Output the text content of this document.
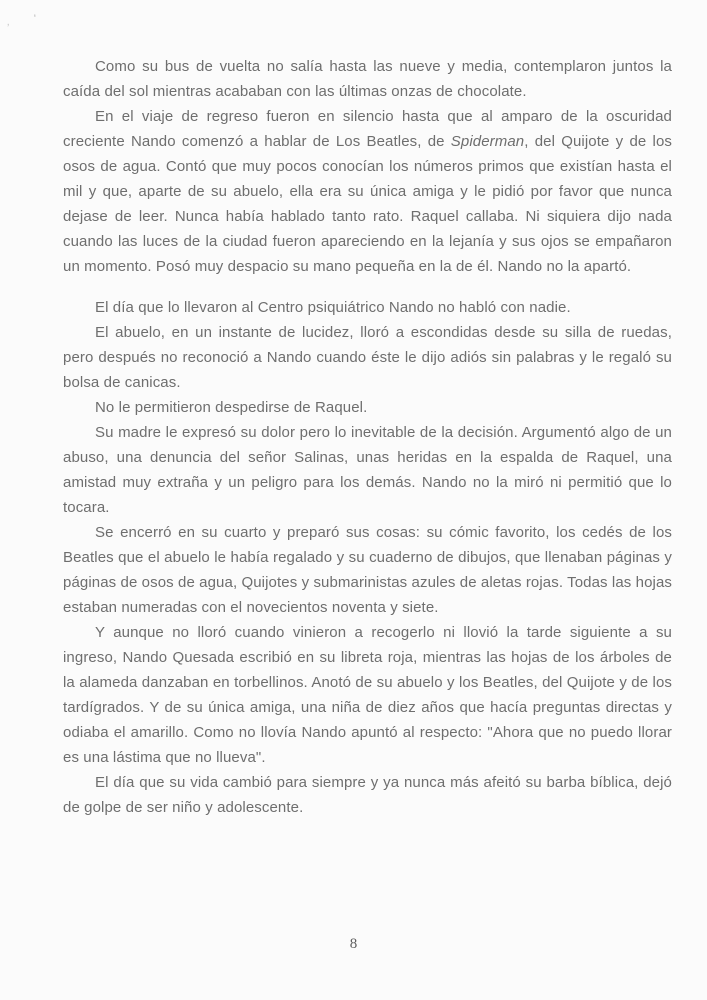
, '

Como su bus de vuelta no salía hasta las nueve y media, contemplaron juntos la caída del sol mientras acababan con las últimas onzas de chocolate.

En el viaje de regreso fueron en silencio hasta que al amparo de la oscuridad creciente Nando comenzó a hablar de Los Beatles, de Spiderman, del Quijote y de los osos de agua. Contó que muy pocos conocían los números primos que existían hasta el mil y que, aparte de su abuelo, ella era su única amiga y le pidió por favor que nunca dejase de leer. Nunca había hablado tanto rato. Raquel callaba. Ni siquiera dijo nada cuando las luces de la ciudad fueron apareciendo en la lejanía y sus ojos se empañaron un momento. Posó muy despacio su mano pequeña en la de él. Nando no la apartó.

El día que lo llevaron al Centro psiquiátrico Nando no habló con nadie.

El abuelo, en un instante de lucidez, lloró a escondidas desde su silla de ruedas, pero después no reconoció a Nando cuando éste le dijo adiós sin palabras y le regaló su bolsa de canicas.

No le permitieron despedirse de Raquel.

Su madre le expresó su dolor pero lo inevitable de la decisión. Argumentó algo de un abuso, una denuncia del señor Salinas, unas heridas en la espalda de Raquel, una amistad muy extraña y un peligro para los demás. Nando no la miró ni permitió que lo tocara.

Se encerró en su cuarto y preparó sus cosas: su cómic favorito, los cedés de los Beatles que el abuelo le había regalado y su cuaderno de dibujos, que llenaban páginas y páginas de osos de agua, Quijotes y submarinistas azules de aletas rojas. Todas las hojas estaban numeradas con el novecientos noventa y siete.

Y aunque no lloró cuando vinieron a recogerlo ni llovió la tarde siguiente a su ingreso, Nando Quesada escribió en su libreta roja, mientras las hojas de los árboles de la alameda danzaban en torbellinos. Anotó de su abuelo y los Beatles, del Quijote y de los tardígrados. Y de su única amiga, una niña de diez años que hacía preguntas directas y odiaba el amarillo. Como no llovía Nando apuntó al respecto: "Ahora que no puedo llorar es una lástima que no llueva".

El día que su vida cambió para siempre y ya nunca más afeitó su barba bíblica, dejó de golpe de ser niño y adolescente.

8
